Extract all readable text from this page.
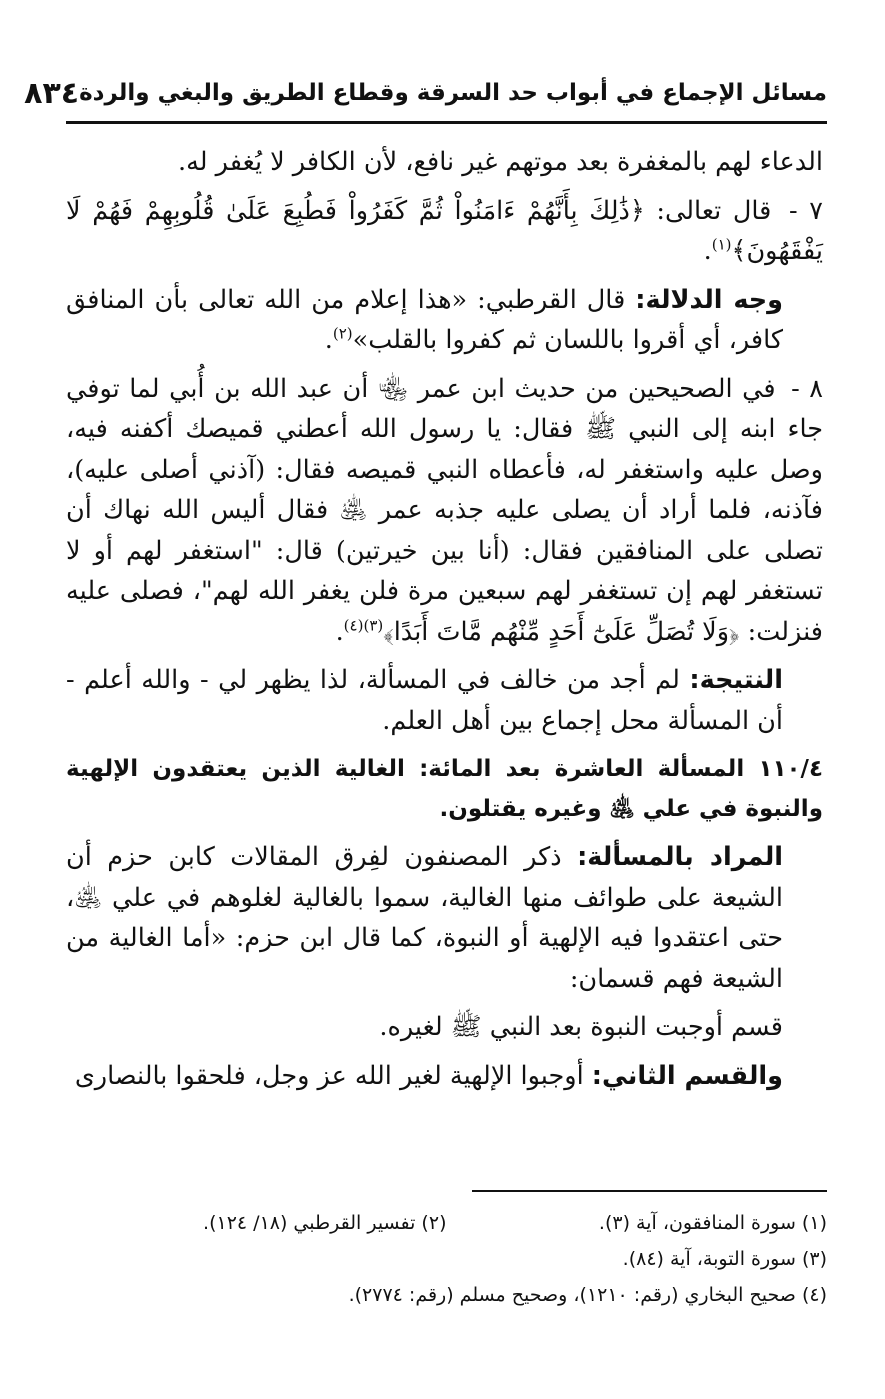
مسائل الإجماع في أبواب حد السرقة وقطاع الطريق والبغي والردة
٨٣٤

الدعاء لهم بالمغفرة بعد موتهم غير نافع، لأن الكافر لا يُغفر له.

٧ - قال تعالى: ﴿ذَٰلِكَ بِأَنَّهُمْ ءَامَنُواْ ثُمَّ كَفَرُواْ فَطُبِعَ عَلَىٰ قُلُوبِهِمْ فَهُمْ لَا يَفْقَهُونَ﴾$^{(١)}$.

وجه الدلالة: قال القرطبي: «هذا إعلام من الله تعالى بأن المنافق كافر، أي أقروا باللسان ثم كفروا بالقلب»$^{(٢)}$.

٨ - في الصحيحين من حديث ابن عمر ﵄ أن عبد الله بن أُبي لما توفي جاء ابنه إلى النبي ﷺ فقال: يا رسول الله أعطني قميصك أكفنه فيه، وصل عليه واستغفر له، فأعطاه النبي قميصه فقال: (آذني أصلى عليه)، فآذنه، فلما أراد أن يصلى عليه جذبه عمر ﵁ فقال أليس الله نهاك أن تصلى على المنافقين فقال: (أنا بين خيرتين) قال: "استغفر لهم أو لا تستغفر لهم إن تستغفر لهم سبعين مرة فلن يغفر الله لهم"، فصلى عليه فنزلت: ﴿وَلَا تُصَلِّ عَلَىٰٓ أَحَدٍ مِّنْهُم مَّاتَ أَبَدًا﴾$^{(٣)(٤)}$.

النتيجة: لم أجد من خالف في المسألة، لذا يظهر لي - والله أعلم - أن المسألة محل إجماع بين أهل العلم.

١١٠/٤ المسألة العاشرة بعد المائة: الغالية الذين يعتقدون الإلهية والنبوة في علي ﵁ وغيره يقتلون.

المراد بالمسألة: ذكر المصنفون لفِرق المقالات كابن حزم أن الشيعة على طوائف منها الغالية، سموا بالغالية لغلوهم في علي ﵁، حتى اعتقدوا فيه الإلهية أو النبوة، كما قال ابن حزم: «أما الغالية من الشيعة فهم قسمان:

قسم أوجبت النبوة بعد النبي ﷺ لغيره.

والقسم الثاني: أوجبوا الإلهية لغير الله عز وجل، فلحقوا بالنصارى

(١) سورة المنافقون، آية (٣).
(٢) تفسير القرطبي (١٨/ ١٢٤).
(٣) سورة التوبة، آية (٨٤).
(٤) صحيح البخاري (رقم: ١٢١٠)، وصحيح مسلم (رقم: ٢٧٧٤).
